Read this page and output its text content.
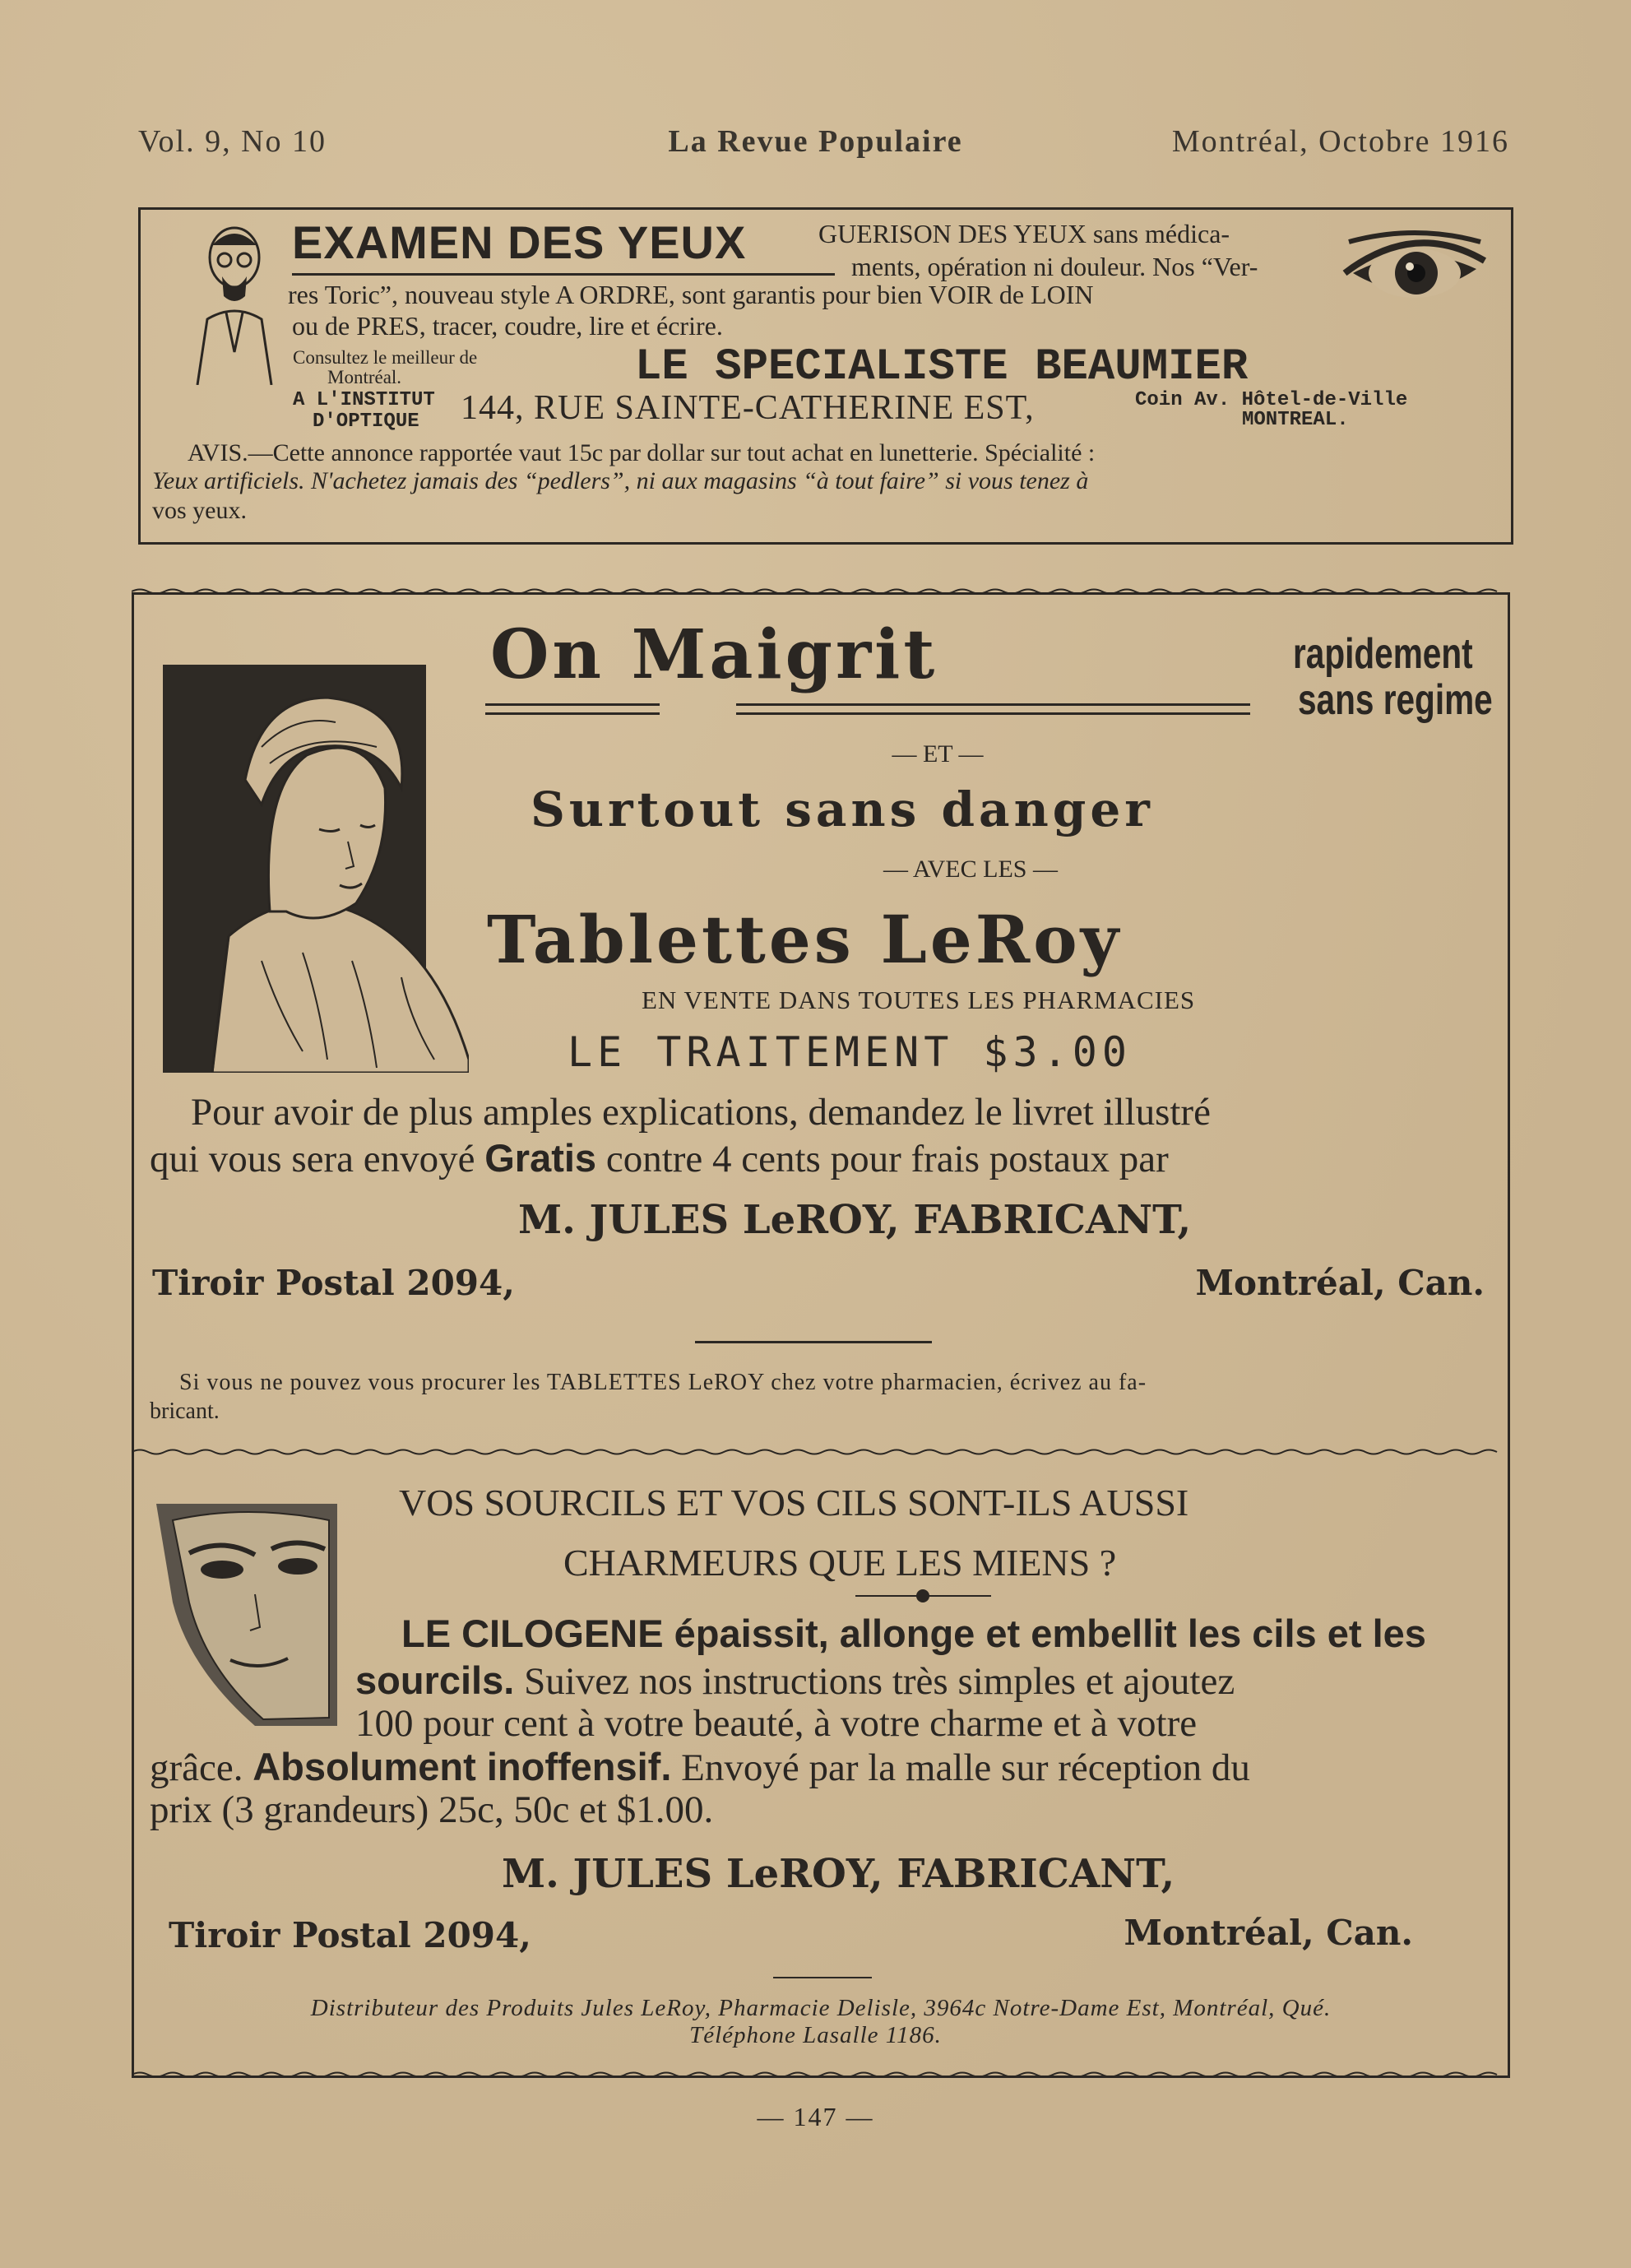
Vol. 9, No 10	La Revue Populaire	Montréal, Octobre 1916
EXAMEN DES YEUX	GUERISON DES YEUX sans médica-
ments, opération ni douleur. Nos “Ver-
res Toric”, nouveau style A ORDRE, sont garantis pour bien VOIR de LOIN
ou de PRES, tracer, coudre, lire et écrire.
Consultez le meilleur de
Montréal.	LE SPECIALISTE BEAUMIER
A L'INSTITUT
D'OPTIQUE 144, RUE SAINTE-CATHERINE EST,	Coin Av. Hôtel-de-Ville
MONTREAL.
AVIS.—Cette annonce rapportée vaut 15c par dollar sur tout achat en lunetterie. Spécialité :
Yeux artificiels. N'achetez jamais des “pedlers”, ni aux magasins “à tout faire” si vous tenez à
vos yeux.
On Maigrit	rapidement
sans regime
— ET —
Surtout sans danger
— AVEC LES —
Tablettes LeRoy
EN VENTE DANS TOUTES LES PHARMACIES
LE TRAITEMENT $3.00
Pour avoir de plus amples explications, demandez le livret illustré
qui vous sera envoyé Gratis contre 4 cents pour frais postaux par
M. JULES LeROY, FABRICANT,
Tiroir Postal 2094,	Montréal, Can.
Si vous ne pouvez vous procurer les TABLETTES LeROY chez votre pharmacien, écrivez au fa-
bricant.
VOS SOURCILS ET VOS CILS SONT-ILS AUSSI
CHARMEURS QUE LES MIENS ?
LE CILOGENE épaissit, allonge et embellit les cils et les
sourcils. Suivez nos instructions très simples et ajoutez
100 pour cent à votre beauté, à votre charme et à votre
grâce. Absolument inoffensif. Envoyé par la malle sur réception du
prix (3 grandeurs) 25c, 50c et $1.00.
M. JULES LeROY, FABRICANT,
Tiroir Postal 2094,	Montréal, Can.
Distributeur des Produits Jules LeRoy, Pharmacie Delisle, 3964c Notre-Dame Est, Montréal, Qué.
Téléphone Lasalle 1186.
— 147 —
